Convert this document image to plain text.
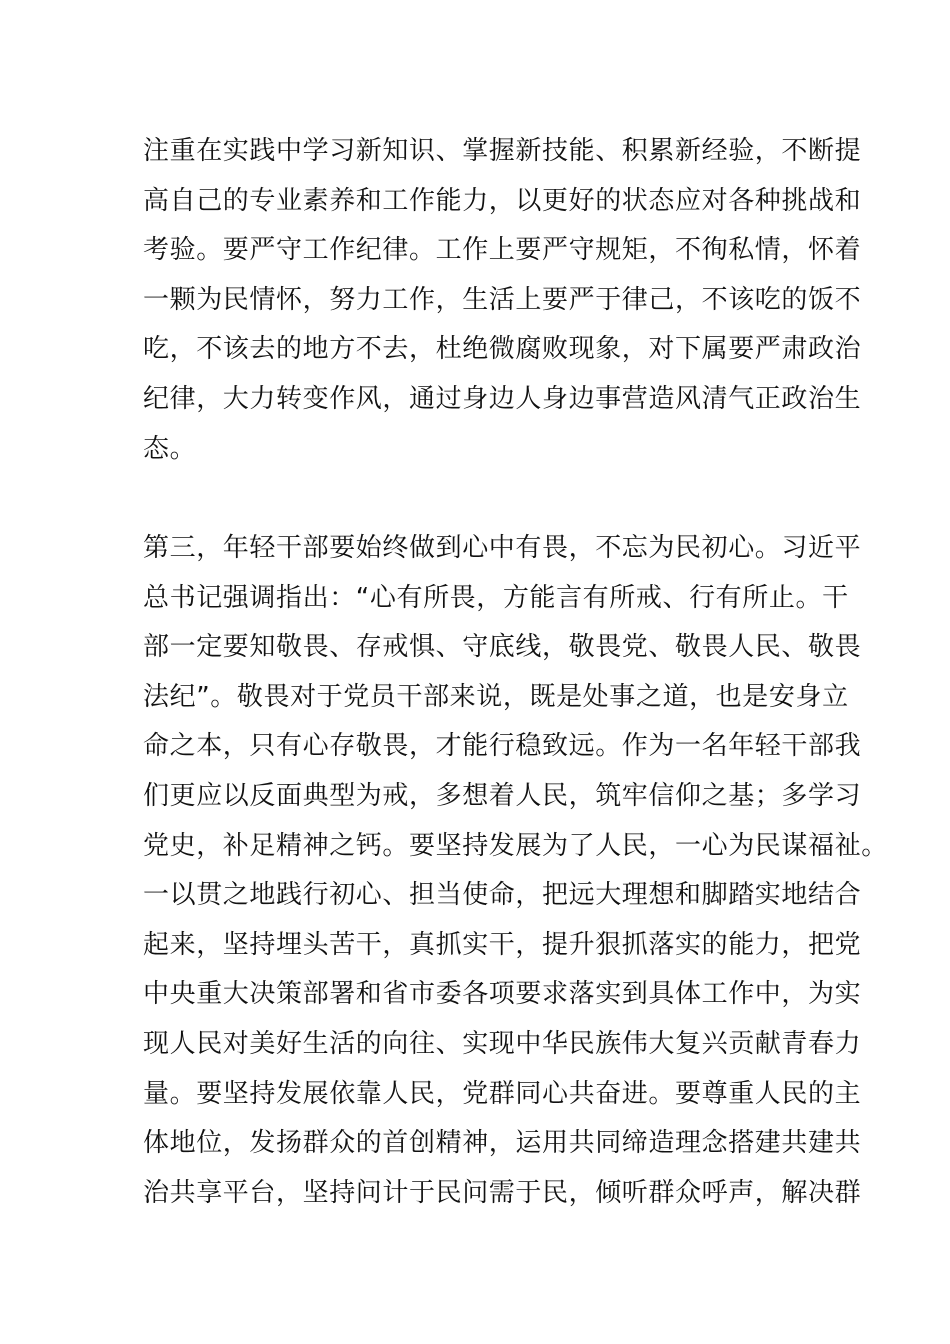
注重在实践中学习新知识、掌握新技能、积累新经验，不断提
高自己的专业素养和工作能力，以更好的状态应对各种挑战和
考验。要严守工作纪律。工作上要严守规矩，不徇私情，怀着
一颗为民情怀，努力工作，生活上要严于律己，不该吃的饭不
吃，不该去的地方不去，杜绝微腐败现象，对下属要严肃政治
纪律，大力转变作风，通过身边人身边事营造风清气正政治生
态。

第三，年轻干部要始终做到心中有畏，不忘为民初心。习近平
总书记强调指出：“心有所畏，方能言有所戒、行有所止。干
部一定要知敬畏、存戒惧、守底线，敬畏党、敬畏人民、敬畏
法纪”。敬畏对于党员干部来说，既是处事之道，也是安身立
命之本，只有心存敬畏，才能行稳致远。作为一名年轻干部我
们更应以反面典型为戒，多想着人民，筑牢信仰之基；多学习
党史，补足精神之钙。要坚持发展为了人民，一心为民谋福祉。
一以贯之地践行初心、担当使命，把远大理想和脚踏实地结合
起来，坚持埋头苦干，真抓实干，提升狠抓落实的能力，把党
中央重大决策部署和省市委各项要求落实到具体工作中，为实
现人民对美好生活的向往、实现中华民族伟大复兴贡献青春力
量。要坚持发展依靠人民，党群同心共奋进。要尊重人民的主
体地位，发扬群众的首创精神，运用共同缔造理念搭建共建共
治共享平台，坚持问计于民问需于民，倾听群众呼声，解决群
